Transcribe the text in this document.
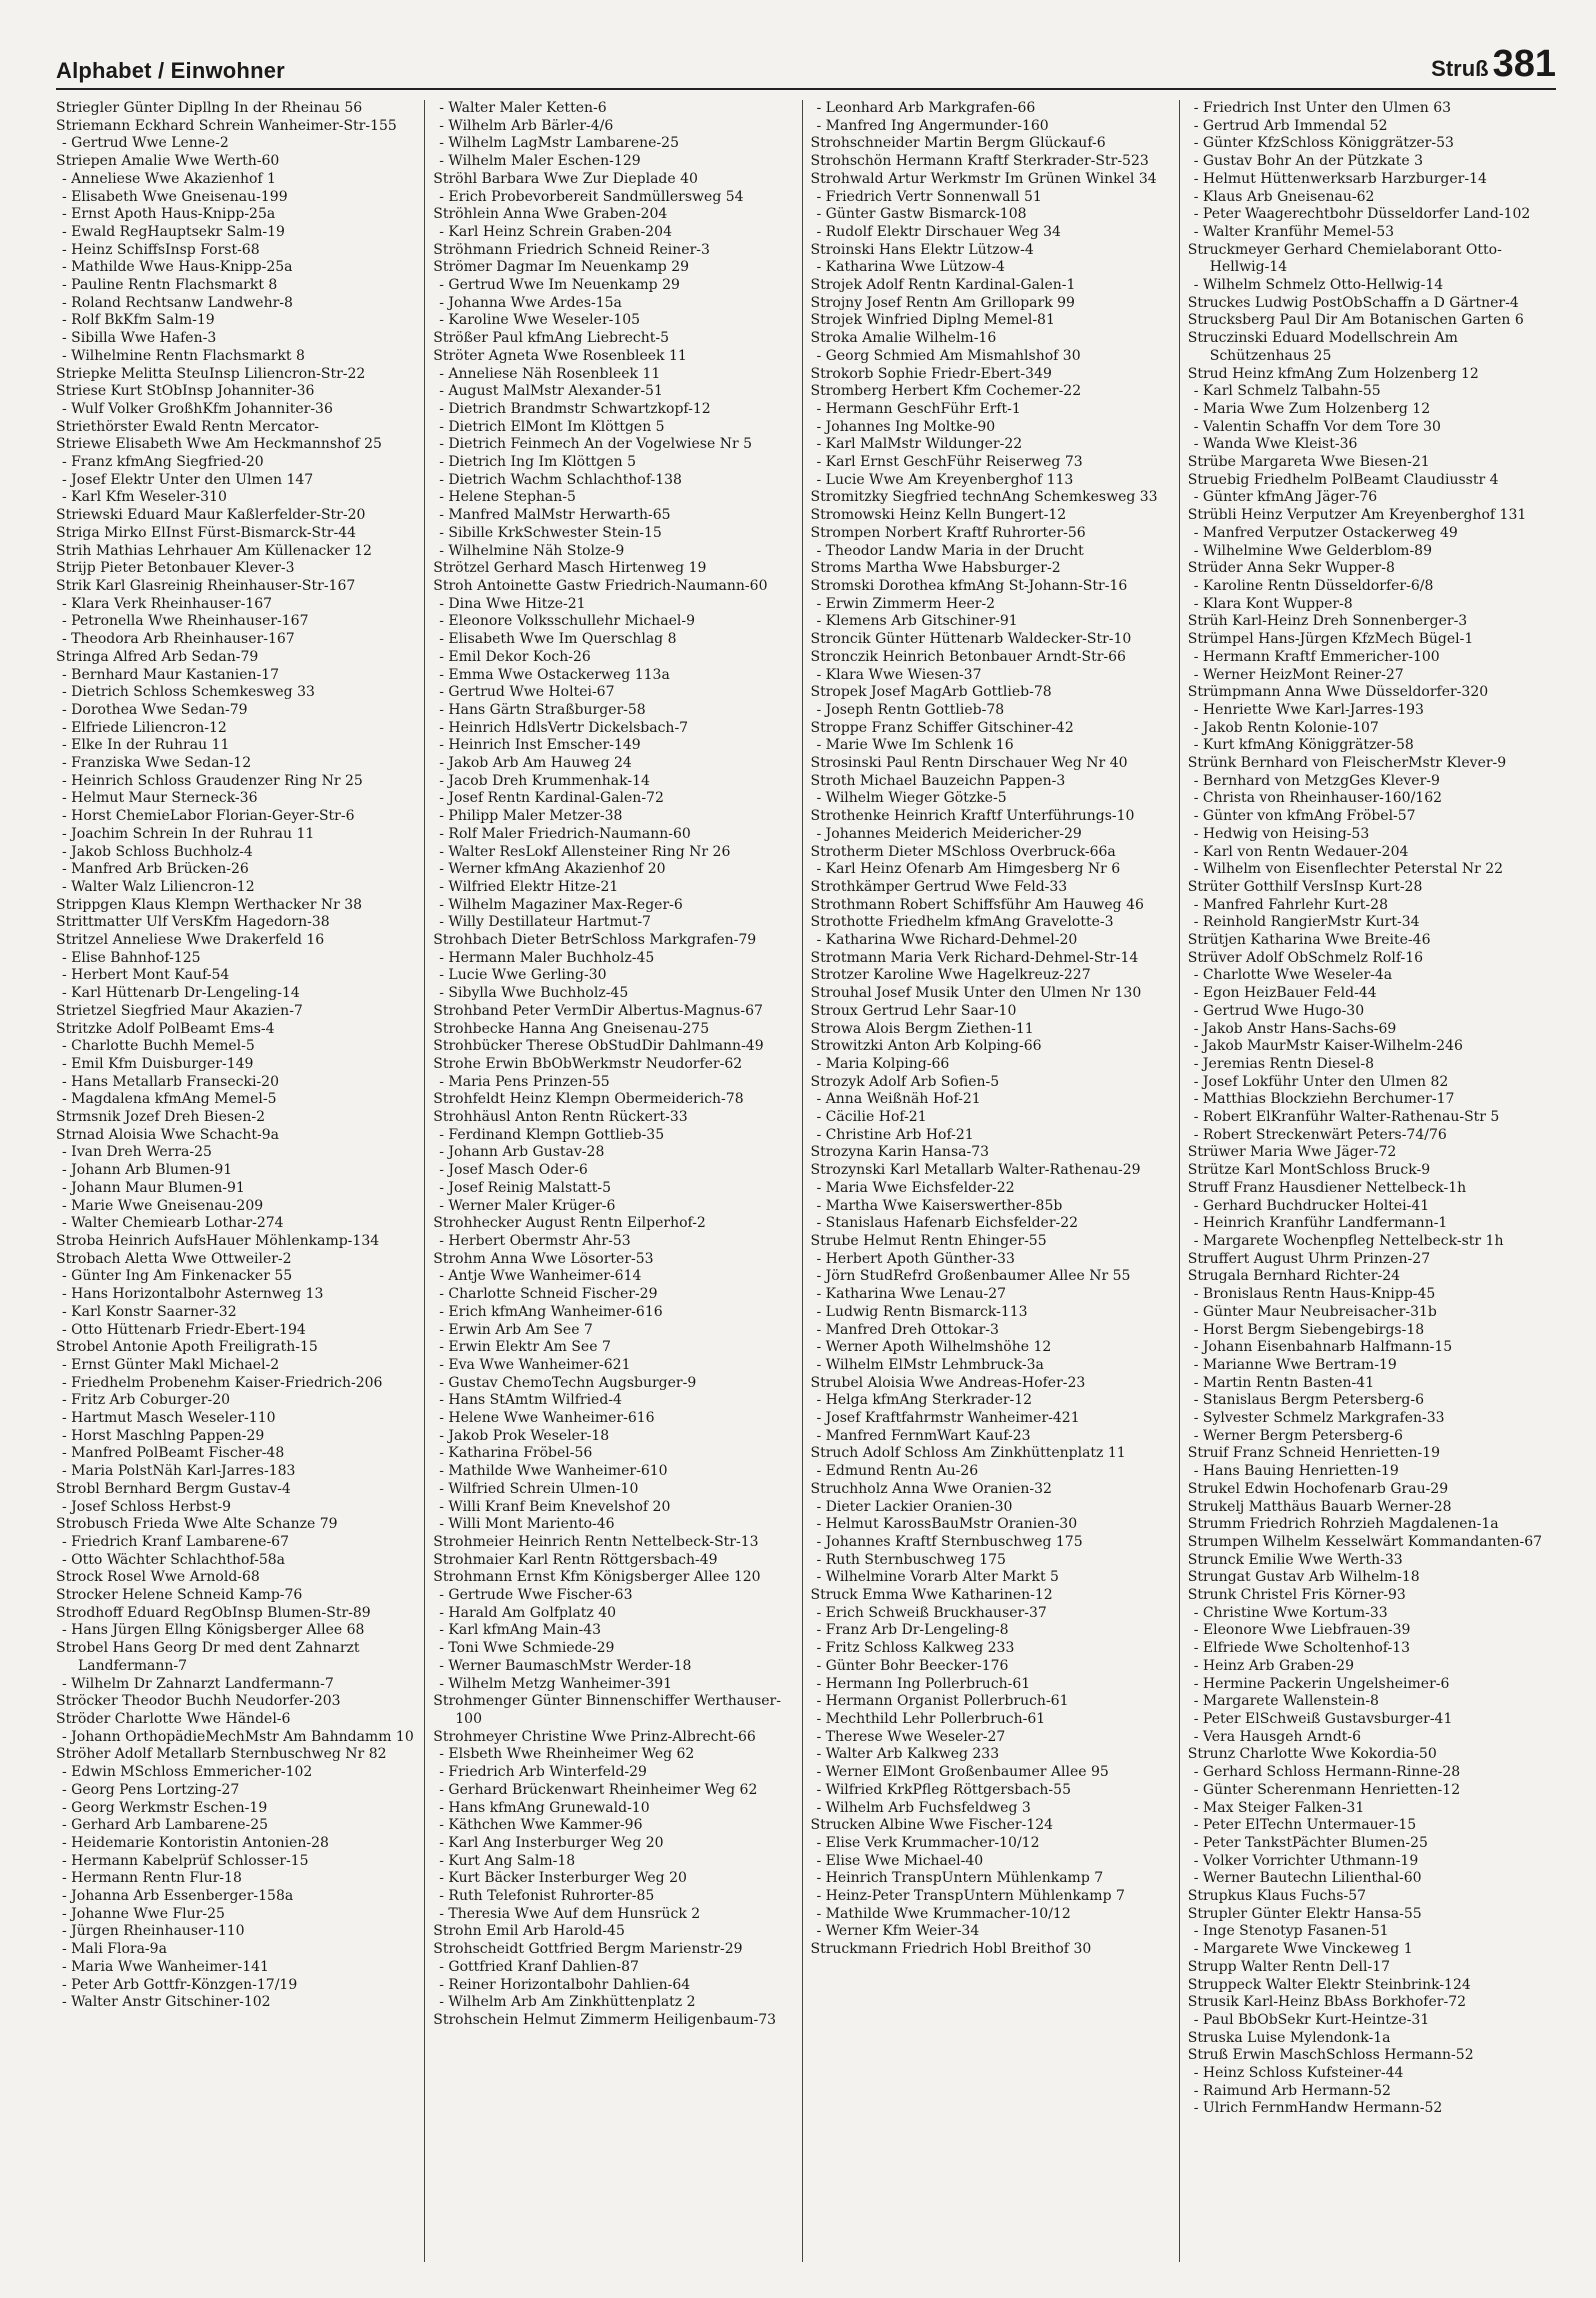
Alphabet / Einwohner	Struß 381
Striegler Günter Dipllng In der Rheinau 56
Striemann Eckhard Schrein Wanheimer-Str-155
- Gertrud Wwe Lenne-2
Striepen Amalie Wwe Werth-60
- Anneliese Wwe Akazienhof 1
- Elisabeth Wwe Gneisenau-199
- Ernst Apoth Haus-Knipp-25a
- Ewald RegHauptsekr Salm-19
- Heinz SchiffsInsp Forst-68
- Mathilde Wwe Haus-Knipp-25a
- Pauline Rentn Flachsmarkt 8
- Roland Rechtsanw Landwehr-8
- Rolf BkKfm Salm-19
- Sibilla Wwe Hafen-3
- Wilhelmine Rentn Flachsmarkt 8
Striepke Melitta SteuInsp Liliencron-Str-22
Striese Kurt StObInsp Johanniter-36
- Wulf Volker GroßhKfm Johanniter-36
Striethörster Ewald Rentn Mercator-
Striewe Elisabeth Wwe Am Heckmannshof 25
- Franz kfmAng Siegfried-20
- Josef Elektr Unter den Ulmen 147
- Karl Kfm Weseler-310
Striewski Eduard Maur Kaßlerfelder-Str-20
Striga Mirko ElInst Fürst-Bismarck-Str-44
Strih Mathias Lehrhauer Am Küllenacker 12
Strijp Pieter Betonbauer Klever-3
Strik Karl Glasreinig Rheinhauser-Str-167
- Klara Verk Rheinhauser-167
- Petronella Wwe Rheinhauser-167
- Theodora Arb Rheinhauser-167
Stringa Alfred Arb Sedan-79
- Bernhard Maur Kastanien-17
- Dietrich Schloss Schemkesweg 33
- Dorothea Wwe Sedan-79
- Elfriede Liliencron-12
- Elke In der Ruhrau 11
- Franziska Wwe Sedan-12
- Heinrich Schloss Graudenzer Ring Nr 25
- Helmut Maur Sterneck-36
- Horst ChemieLabor Florian-Geyer-Str-6
- Joachim Schrein In der Ruhrau 11
- Jakob Schloss Buchholz-4
- Manfred Arb Brücken-26
- Walter Walz Liliencron-12
Strippgen Klaus Klempn Werthacker Nr 38
Strittmatter Ulf VersKfm Hagedorn-38
Stritzel Anneliese Wwe Drakerfeld 16
- Elise Bahnhof-125
- Herbert Mont Kauf-54
- Karl Hüttenarb Dr-Lengeling-14
Strietzel Siegfried Maur Akazien-7
Stritzke Adolf PolBeamt Ems-4
- Charlotte Buchh Memel-5
- Emil Kfm Duisburger-149
- Hans Metallarb Fransecki-20
- Magdalena kfmAng Memel-5
Strmsnik Jozef Dreh Biesen-2
Strnad Aloisia Wwe Schacht-9a
- Ivan Dreh Werra-25
- Johann Arb Blumen-91
- Johann Maur Blumen-91
- Marie Wwe Gneisenau-209
- Walter Chemiearb Lothar-274
Stroba Heinrich AufsHauer Möhlenkamp-134
Strobach Aletta Wwe Ottweiler-2
- Günter Ing Am Finkenacker 55
- Hans Horizontalbohr Asternweg 13
- Karl Konstr Saarner-32
- Otto Hüttenarb Friedr-Ebert-194
Strobel Antonie Apoth Freiligrath-15
- Ernst Günter Makl Michael-2
- Friedhelm Probenehm Kaiser-Friedrich-206
- Fritz Arb Coburger-20
- Hartmut Masch Weseler-110
- Horst Maschlng Pappen-29
- Manfred PolBeamt Fischer-48
- Maria PolstNäh Karl-Jarres-183
Strobl Bernhard Bergm Gustav-4
- Josef Schloss Herbst-9
Strobusch Frieda Wwe Alte Schanze 79
- Friedrich Kranf Lambarene-67
- Otto Wächter Schlachthof-58a
Strock Rosel Wwe Arnold-68
Strocker Helene Schneid Kamp-76
Strodhoff Eduard RegObInsp Blumen-Str-89
- Hans Jürgen Ellng Königsberger Allee 68
Strobel Hans Georg Dr med dent Zahnarzt Landfermann-7
- Wilhelm Dr Zahnarzt Landfermann-7
Ströcker Theodor Buchh Neudorfer-203
Ströder Charlotte Wwe Händel-6
- Johann OrthopädieMechMstr Am Bahndamm 10
Ströher Adolf Metallarb Sternbuschweg Nr 82
- Edwin MSchloss Emmericher-102
- Georg Pens Lortzing-27
- Georg Werkmstr Eschen-19
- Gerhard Arb Lambarene-25
- Heidemarie Kontoristin Antonien-28
- Hermann Kabelprüf Schlosser-15
- Hermann Rentn Flur-18
- Johanna Arb Essenberger-158a
- Johanne Wwe Flur-25
- Jürgen Rheinhauser-110
- Mali Flora-9a
- Maria Wwe Wanheimer-141
- Peter Arb Gottfr-Könzgen-17/19
- Walter Anstr Gitschiner-102
- Walter Maler Ketten-6
- Wilhelm Arb Bärler-4/6
- Wilhelm LagMstr Lambarene-25
- Wilhelm Maler Eschen-129
Ströhl Barbara Wwe Zur Dieplade 40
- Erich Probevorbereit Sandmüllersweg 54
Ströhlein Anna Wwe Graben-204
- Karl Heinz Schrein Graben-204
Ströhmann Friedrich Schneid Reiner-3
Strömer Dagmar Im Neuenkamp 29
- Gertrud Wwe Im Neuenkamp 29
- Johanna Wwe Ardes-15a
- Karoline Wwe Weseler-105
Strößer Paul kfmAng Liebrecht-5
Ströter Agneta Wwe Rosenbleek 11
- Anneliese Näh Rosenbleek 11
- August MalMstr Alexander-51
- Dietrich Brandmstr Schwartzkopf-12
- Dietrich ElMont Im Klöttgen 5
- Dietrich Feinmech An der Vogelwiese Nr 5
- Dietrich Ing Im Klöttgen 5
- Dietrich Wachm Schlachthof-138
- Helene Stephan-5
- Manfred MalMstr Herwarth-65
- Sibille KrkSchwester Stein-15
- Wilhelmine Näh Stolze-9
Strötzel Gerhard Masch Hirtenweg 19
Stroh Antoinette Gastw Friedrich-Naumann-60
- Dina Wwe Hitze-21
- Eleonore Volksschullehr Michael-9
- Elisabeth Wwe Im Querschlag 8
- Emil Dekor Koch-26
- Emma Wwe Ostackerweg 113a
- Gertrud Wwe Holtei-67
- Hans Gärtn Straßburger-58
- Heinrich HdlsVertr Dickelsbach-7
- Heinrich Inst Emscher-149
- Jakob Arb Am Hauweg 24
- Jacob Dreh Krummenhak-14
- Josef Rentn Kardinal-Galen-72
- Philipp Maler Metzer-38
- Rolf Maler Friedrich-Naumann-60
- Walter ResLokf Allensteiner Ring Nr 26
- Werner kfmAng Akazienhof 20
- Wilfried Elektr Hitze-21
- Wilhelm Magaziner Max-Reger-6
- Willy Destillateur Hartmut-7
Strohbach Dieter BetrSchloss Markgrafen-79
- Hermann Maler Buchholz-45
- Lucie Wwe Gerling-30
- Sibylla Wwe Buchholz-45
Strohband Peter VermDir Albertus-Magnus-67
Strohbecke Hanna Ang Gneisenau-275
Strohbücker Therese ObStudDir Dahlmann-49
Strohe Erwin BbObWerkmstr Neudorfer-62
- Maria Pens Prinzen-55
Strohfeldt Heinz Klempn Obermeiderich-78
Strohhäusl Anton Rentn Rückert-33
- Ferdinand Klempn Gottlieb-35
- Johann Arb Gustav-28
- Josef Masch Oder-6
- Josef Reinig Malstatt-5
- Werner Maler Krüger-6
Strohhecker August Rentn Eilperhof-2
- Herbert Obermstr Ahr-53
Strohm Anna Wwe Lösorter-53
- Antje Wwe Wanheimer-614
- Charlotte Schneid Fischer-29
- Erich kfmAng Wanheimer-616
- Erwin Arb Am See 7
- Erwin Elektr Am See 7
- Eva Wwe Wanheimer-621
- Gustav ChemoTechn Augsburger-9
- Hans StAmtm Wilfried-4
- Helene Wwe Wanheimer-616
- Jakob Prok Weseler-18
- Katharina Fröbel-56
- Mathilde Wwe Wanheimer-610
- Wilfried Schrein Ulmen-10
- Willi Kranf Beim Knevelshof 20
- Willi Mont Mariento-46
Strohmeier Heinrich Rentn Nettelbeck-Str-13
Strohmaier Karl Rentn Röttgersbach-49
Strohmann Ernst Kfm Königsberger Allee 120
- Gertrude Wwe Fischer-63
- Harald Am Golfplatz 40
- Karl kfmAng Main-43
- Toni Wwe Schmiede-29
- Werner BaumaschMstr Werder-18
- Wilhelm Metzg Wanheimer-391
Strohmenger Günter Binnenschiffer Werthauser-100
Strohmeyer Christine Wwe Prinz-Albrecht-66
- Elsbeth Wwe Rheinheimer Weg 62
- Friedrich Arb Winterfeld-29
- Gerhard Brückenwart Rheinheimer Weg 62
- Hans kfmAng Grunewald-10
- Käthchen Wwe Kammer-96
- Karl Ang Insterburger Weg 20
- Kurt Ang Salm-18
- Kurt Bäcker Insterburger Weg 20
- Ruth Telefonist Ruhrorter-85
- Theresia Wwe Auf dem Hunsrück 2
Strohn Emil Arb Harold-45
Strohscheidt Gottfried Bergm Marienstr-29
- Gottfried Kranf Dahlien-87
- Reiner Horizontalbohr Dahlien-64
- Wilhelm Arb Am Zinkhüttenplatz 2
Strohschein Helmut Zimmerm Heiligenbaum-73
- Leonhard Arb Markgrafen-66
- Manfred Ing Angermunder-160
Strohschneider Martin Bergm Glückauf-6
Strohschön Hermann Kraftf Sterkrader-Str-523
Strohwald Artur Werkmstr Im Grünen Winkel 34
- Friedrich Vertr Sonnenwall 51
- Günter Gastw Bismarck-108
- Rudolf Elektr Dirschauer Weg 34
Stroinski Hans Elektr Lützow-4
- Katharina Wwe Lützow-4
Strojek Adolf Rentn Kardinal-Galen-1
Strojny Josef Rentn Am Grillopark 99
Strojek Winfried Diplng Memel-81
Stroka Amalie Wilhelm-16
- Georg Schmied Am Mismahlshof 30
Strokorb Sophie Friedr-Ebert-349
Stromberg Herbert Kfm Cochemer-22
- Hermann GeschFühr Erft-1
- Johannes Ing Moltke-90
- Karl MalMstr Wildunger-22
- Karl Ernst GeschFühr Reiserweg 73
- Lucie Wwe Am Kreyenberghof 113
Stromitzky Siegfried technAng Schemkesweg 33
Stromowski Heinz Kelln Bungert-12
Strompen Norbert Kraftf Ruhrorter-56
- Theodor Landw Maria in der Drucht
Stroms Martha Wwe Habsburger-2
Stromski Dorothea kfmAng St-Johann-Str-16
- Erwin Zimmerm Heer-2
- Klemens Arb Gitschiner-91
Stroncik Günter Hüttenarb Waldecker-Str-10
Stronczik Heinrich Betonbauer Arndt-Str-66
- Klara Wwe Wiesen-37
Stropek Josef MagArb Gottlieb-78
- Joseph Rentn Gottlieb-78
Stroppe Franz Schiffer Gitschiner-42
- Marie Wwe Im Schlenk 16
Strosinski Paul Rentn Dirschauer Weg Nr 40
Stroth Michael Bauzeichn Pappen-3
- Wilhelm Wieger Götzke-5
Strothenke Heinrich Kraftf Unterführungs-10
- Johannes Meiderich Meidericher-29
Strotherm Dieter MSchloss Overbruck-66a
- Karl Heinz Ofenarb Am Himgesberg Nr 6
Strothkämper Gertrud Wwe Feld-33
Strothmann Robert Schiffsführ Am Hauweg 46
Strothotte Friedhelm kfmAng Gravelotte-3
- Katharina Wwe Richard-Dehmel-20
Strotmann Maria Verk Richard-Dehmel-Str-14
Strotzer Karoline Wwe Hagelkreuz-227
Strouhal Josef Musik Unter den Ulmen Nr 130
Stroux Gertrud Lehr Saar-10
Strowa Alois Bergm Ziethen-11
Strowitzki Anton Arb Kolping-66
- Maria Kolping-66
Strozyk Adolf Arb Sofien-5
- Anna Weißnäh Hof-21
- Cäcilie Hof-21
- Christine Arb Hof-21
Strozyna Karin Hansa-73
Strozynski Karl Metallarb Walter-Rathenau-29
- Maria Wwe Eichsfelder-22
- Martha Wwe Kaiserswerther-85b
- Stanislaus Hafenarb Eichsfelder-22
Strube Helmut Rentn Ehinger-55
- Herbert Apoth Günther-33
- Jörn StudRefrd Großenbaumer Allee Nr 55
- Katharina Wwe Lenau-27
- Ludwig Rentn Bismarck-113
- Manfred Dreh Ottokar-3
- Werner Apoth Wilhelmshöhe 12
- Wilhelm ElMstr Lehmbruck-3a
Strubel Aloisia Wwe Andreas-Hofer-23
- Helga kfmAng Sterkrader-12
- Josef Kraftfahrmstr Wanheimer-421
- Manfred FernmWart Kauf-23
Struch Adolf Schloss Am Zinkhüttenplatz 11
- Edmund Rentn Au-26
Struchholz Anna Wwe Oranien-32
- Dieter Lackier Oranien-30
- Helmut KarossBauMstr Oranien-30
- Johannes Kraftf Sternbuschweg 175
- Ruth Sternbuschweg 175
- Wilhelmine Vorarb Alter Markt 5
Struck Emma Wwe Katharinen-12
- Erich Schweiß Bruckhauser-37
- Franz Arb Dr-Lengeling-8
- Fritz Schloss Kalkweg 233
- Günter Bohr Beecker-176
- Hermann Ing Pollerbruch-61
- Hermann Organist Pollerbruch-61
- Mechthild Lehr Pollerbruch-61
- Therese Wwe Weseler-27
- Walter Arb Kalkweg 233
- Werner ElMont Großenbaumer Allee 95
- Wilfried KrkPfleg Röttgersbach-55
- Wilhelm Arb Fuchsfeldweg 3
Strucken Albine Wwe Fischer-124
- Elise Verk Krummacher-10/12
- Elise Wwe Michael-40
- Heinrich TranspUntern Mühlenkamp 7
- Heinz-Peter TranspUntern Mühlenkamp 7
- Mathilde Wwe Krummacher-10/12
- Werner Kfm Weier-34
Struckmann Friedrich Hobl Breithof 30
- Friedrich Inst Unter den Ulmen 63
- Gertrud Arb Immendal 52
- Günter KfzSchloss Königgrätzer-53
- Gustav Bohr An der Pützkate 3
- Helmut Hüttenwerksarb Harzburger-14
- Klaus Arb Gneisenau-62
- Peter Waagerechtbohr Düsseldorfer Land-102
- Walter Kranführ Memel-53
Struckmeyer Gerhard Chemielaborant Otto-Hellwig-14
- Wilhelm Schmelz Otto-Hellwig-14
Struckes Ludwig PostObSchaffn a D Gärtner-4
Strucksberg Paul Dir Am Botanischen Garten 6
Struczinski Eduard Modellschrein Am Schützenhaus 25
Strud Heinz kfmAng Zum Holzenberg 12
- Karl Schmelz Talbahn-55
- Maria Wwe Zum Holzenberg 12
- Valentin Schaffn Vor dem Tore 30
- Wanda Wwe Kleist-36
Strübe Margareta Wwe Biesen-21
Struebig Friedhelm PolBeamt Claudiusstr 4
- Günter kfmAng Jäger-76
Strübli Heinz Verputzer Am Kreyenberghof 131
- Manfred Verputzer Ostackerweg 49
- Wilhelmine Wwe Gelderblom-89
Strüder Anna Sekr Wupper-8
- Karoline Rentn Düsseldorfer-6/8
- Klara Kont Wupper-8
Strüh Karl-Heinz Dreh Sonnenberger-3
Strümpel Hans-Jürgen KfzMech Bügel-1
- Hermann Kraftf Emmericher-100
- Werner HeizMont Reiner-27
Strümpmann Anna Wwe Düsseldorfer-320
- Henriette Wwe Karl-Jarres-193
- Jakob Rentn Kolonie-107
- Kurt kfmAng Königgrätzer-58
Strünk Bernhard von FleischerMstr Klever-9
- Bernhard von MetzgGes Klever-9
- Christa von Rheinhauser-160/162
- Günter von kfmAng Fröbel-57
- Hedwig von Heising-53
- Karl von Rentn Wedauer-204
- Wilhelm von Eisenflechter Peterstal Nr 22
Strüter Gotthilf VersInsp Kurt-28
- Manfred Fahrlehr Kurt-28
- Reinhold RangierMstr Kurt-34
Strütjen Katharina Wwe Breite-46
Strüver Adolf ObSchmelz Rolf-16
- Charlotte Wwe Weseler-4a
- Egon HeizBauer Feld-44
- Gertrud Wwe Hugo-30
- Jakob Anstr Hans-Sachs-69
- Jakob MaurMstr Kaiser-Wilhelm-246
- Jeremias Rentn Diesel-8
- Josef Lokführ Unter den Ulmen 82
- Matthias Blockziehn Berchumer-17
- Robert ElKranführ Walter-Rathenau-Str 5
- Robert Streckenwärt Peters-74/76
Strüwer Maria Wwe Jäger-72
Strütze Karl MontSchloss Bruck-9
Struff Franz Hausdiener Nettelbeck-1h
- Gerhard Buchdrucker Holtei-41
- Heinrich Kranführ Landfermann-1
- Margarete Wochenpfleg Nettelbeck-str 1h
Struffert August Uhrm Prinzen-27
Strugala Bernhard Richter-24
- Bronislaus Rentn Haus-Knipp-45
- Günter Maur Neubreisacher-31b
- Horst Bergm Siebengebirgs-18
- Johann Eisenbahnarb Halfmann-15
- Marianne Wwe Bertram-19
- Martin Rentn Basten-41
- Stanislaus Bergm Petersberg-6
- Sylvester Schmelz Markgrafen-33
- Werner Bergm Petersberg-6
Struif Franz Schneid Henrietten-19
- Hans Bauing Henrietten-19
Strukel Edwin Hochofenarb Grau-29
Strukelj Matthäus Bauarb Werner-28
Strumm Friedrich Rohrzieh Magdalenen-1a
Strumpen Wilhelm Kesselwärt Kommandanten-67
Strunck Emilie Wwe Werth-33
Strungat Gustav Arb Wilhelm-18
Strunk Christel Fris Körner-93
- Christine Wwe Kortum-33
- Eleonore Wwe Liebfrauen-39
- Elfriede Wwe Scholtenhof-13
- Heinz Arb Graben-29
- Hermine Packerin Ungelsheimer-6
- Margarete Wallenstein-8
- Peter ElSchweiß Gustavsburger-41
- Vera Hausgeh Arndt-6
Strunz Charlotte Wwe Kokordia-50
- Gerhard Schloss Hermann-Rinne-28
- Günter Scherenmann Henrietten-12
- Max Steiger Falken-31
- Peter ElTechn Untermauer-15
- Peter TankstPächter Blumen-25
- Volker Vorrichter Uthmann-19
- Werner Bautechn Lilienthal-60
Strupkus Klaus Fuchs-57
Strupler Günter Elektr Hansa-55
- Inge Stenotyp Fasanen-51
- Margarete Wwe Vinckeweg 1
Strupp Walter Rentn Dell-17
Struppeck Walter Elektr Steinbrink-124
Strusik Karl-Heinz BbAss Borkhofer-72
- Paul BbObSekr Kurt-Heintze-31
Struska Luise Mylendonk-1a
Struß Erwin MaschSchloss Hermann-52
- Heinz Schloss Kufsteiner-44
- Raimund Arb Hermann-52
- Ulrich FernmHandw Hermann-52
